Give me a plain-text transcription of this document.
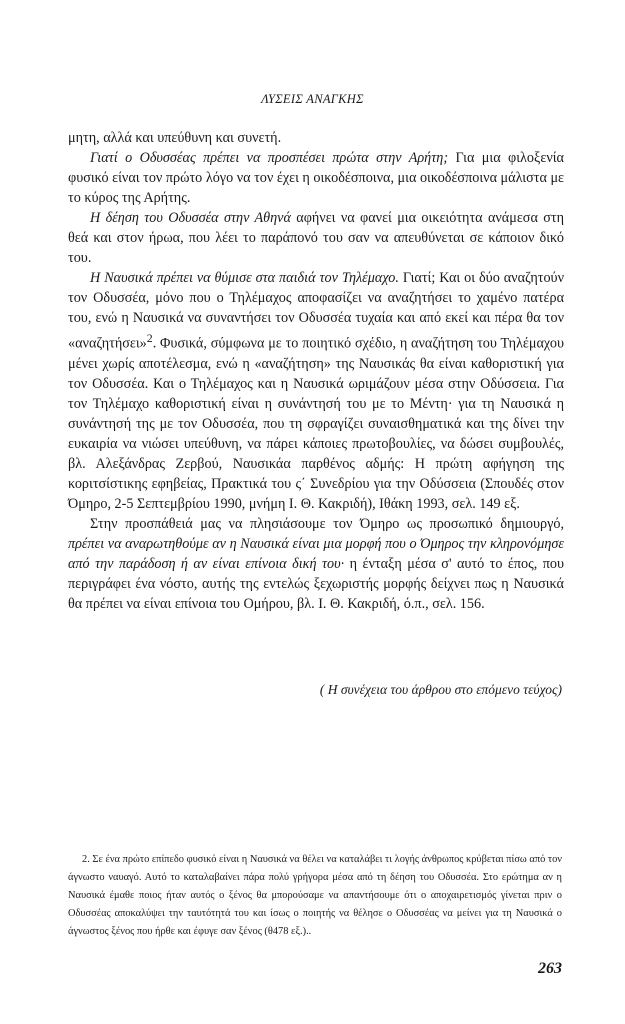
ΛΥΣΕΙΣ ΑΝΑΓΚΗΣ

μητη, αλλά και υπεύθυνη και συνετή.

Γιατί ο Οδυσσέας πρέπει να προσπέσει πρώτα στην Αρήτη; Για μια φιλοξενία φυσικό είναι τον πρώτο λόγο να τον έχει η οικοδέσποινα, μια οικοδέσποινα μάλιστα με το κύρος της Αρήτης.

Η δέηση του Οδυσσέα στην Αθηνά αφήνει να φανεί μια οικειότητα ανάμεσα στη θεά και στον ήρωα, που λέει το παράπονό του σαν να απευθύνεται σε κάποιον δικό του.

Η Ναυσικά πρέπει να θύμισε στα παιδιά τον Τηλέμαχο. Γιατί; Και οι δύο αναζητούν τον Οδυσσέα, μόνο που ο Τηλέμαχος αποφασίζει να αναζητήσει το χαμένο πατέρα του, ενώ η Ναυσικά να συναντήσει τον Οδυσσέα τυχαία και από εκεί και πέρα θα τον «αναζητήσει»$^2$. Φυσικά, σύμφωνα με το ποιητικό σχέδιο, η αναζήτηση του Τηλέμαχου μένει χωρίς αποτέλεσμα, ενώ η «αναζήτηση» της Ναυσικάς θα είναι καθοριστική για τον Οδυσσέα. Και ο Τηλέμαχος και η Ναυσικά ωριμάζουν μέσα στην Οδύσσεια. Για τον Τηλέμαχο καθοριστική είναι η συνάντησή του με το Μέντη· για τη Ναυσικά η συνάντησή της με τον Οδυσσέα, που τη σφραγίζει συναισθηματικά και της δίνει την ευκαιρία να νιώσει υπεύθυνη, να πάρει κάποιες πρωτοβουλίες, να δώσει συμβουλές, βλ. Αλεξάνδρας Ζερβού, Ναυσικάα παρθένος αδμής: Η πρώτη αφήγηση της κοριτσίστικης εφηβείας, Πρακτικά του ς΄ Συνεδρίου για την Οδύσσεια (Σπουδές στον Όμηρο, 2-5 Σεπτεμβρίου 1990, μνήμη Ι. Θ. Κακριδή), Ιθάκη 1993, σελ. 149 εξ.

Στην προσπάθειά μας να πλησιάσουμε τον Όμηρο ως προσωπικό δημιουργό, πρέπει να αναρωτηθούμε αν η Ναυσικά είναι μια μορφή που ο Όμηρος την κληρονόμησε από την παράδοση ή αν είναι επίνοια δική του· η ένταξη μέσα σ' αυτό το έπος, που περιγράφει ένα νόστο, αυτής της εντελώς ξεχωριστής μορφής δείχνει πως η Ναυσικά θα πρέπει να είναι επίνοια του Ομήρου, βλ. Ι. Θ. Κακριδή, ό.π., σελ. 156.

( Η συνέχεια του άρθρου στο επόμενο τεύχος)

2. Σε ένα πρώτο επίπεδο φυσικό είναι η Ναυσικά να θέλει να καταλάβει τι λογής άνθρωπος κρύβεται πίσω από τον άγνωστο ναυαγό. Αυτό το καταλαβαίνει πάρα πολύ γρήγορα μέσα από τη δέηση του Οδυσσέα. Στο ερώτημα αν η Ναυσικά έμαθε ποιος ήταν αυτός ο ξένος θα μπορούσαμε να απαντήσουμε ότι ο αποχαιρετισμός γίνεται πριν ο Οδυσσέας αποκαλύψει την ταυτότητά του και ίσως ο ποιητής να θέλησε ο Οδυσσέας να μείνει για τη Ναυσικά ο άγνωστος ξένος που ήρθε και έφυγε σαν ξένος (θ478 εξ.)..

263
